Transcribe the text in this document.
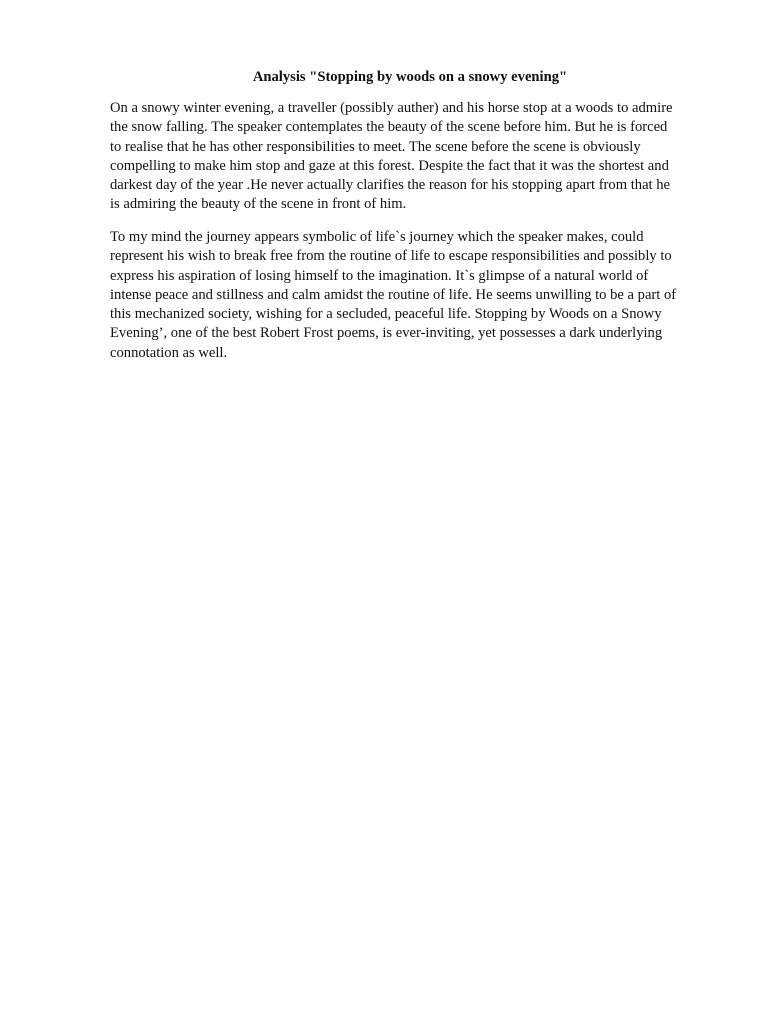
Analysis "Stopping by woods on a snowy evening"

On a snowy winter evening, a traveller (possibly auther) and his horse stop at a woods to admire
the snow falling. The speaker contemplates the beauty of the scene before him. But he is forced
to realise that he has other responsibilities to meet. The scene before the scene is obviously
compelling to make him stop and gaze at this forest. Despite the fact that it was the shortest and
darkest day of the year .He never actually clarifies the reason for his stopping apart from that he
is admiring the beauty of the scene in front of him.

To my mind the journey appears symbolic of life`s journey which the speaker makes, could
represent his wish to break free from the routine of life to escape responsibilities and possibly to
express his aspiration of losing himself to the imagination. It`s glimpse of a natural world of
intense peace and stillness and calm amidst the routine of life. He seems unwilling to be a part of
this mechanized society, wishing for a secluded, peaceful life. Stopping by Woods on a Snowy
Evening’, one of the best Robert Frost poems, is ever-inviting, yet possesses a dark underlying
connotation as well.
